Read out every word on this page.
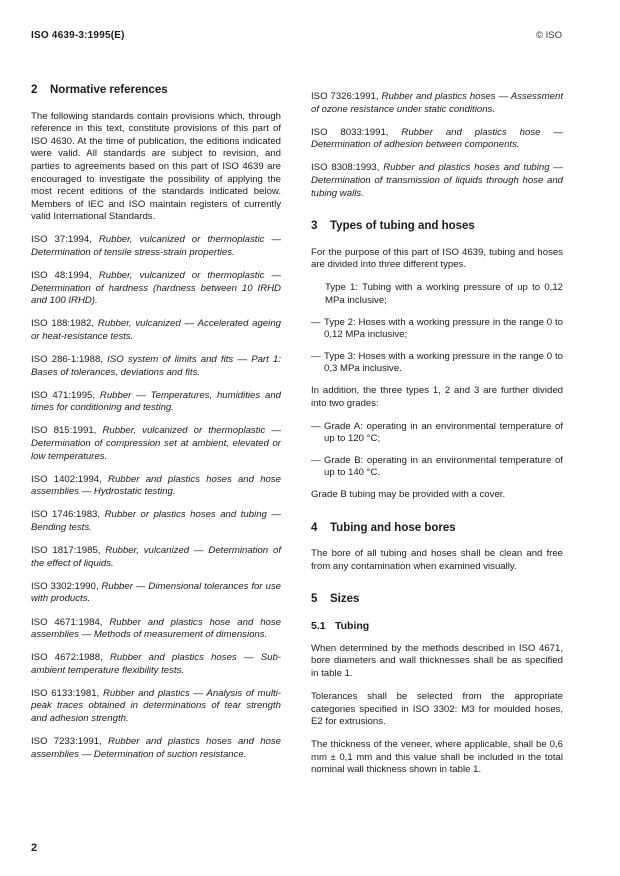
ISO 4639-3:1995(E)	© ISO
2 Normative references

The following standards contain provisions which, through reference in this text, constitute provisions of this part of ISO 4630. At the time of publication, the editions indicated were valid. All standards are subject to revision, and parties to agreements based on this part of ISO 4639 are encouraged to investigate the possibility of applying the most recent editions of the standards indicated below. Members of IEC and ISO maintain registers of currently valid International Standards.

ISO 37:1994, Rubber, vulcanized or thermoplastic — Determination of tensile stress-strain properties.

ISO 48:1994, Rubber, vulcanized or thermoplastic — Determination of hardness (hardness between 10 IRHD and 100 IRHD).

ISO 188:1982, Rubber, vulcanized — Accelerated ageing or heat-resistance tests.

ISO 286-1:1988, ISO system of limits and fits — Part 1: Bases of tolerances, deviations and fits.

ISO 471:1995, Rubber — Temperatures, humidities and times for conditioning and testing.

ISO 815:1991, Rubber, vulcanized or thermoplastic — Determination of compression set at ambient, elevated or low temperatures.

ISO 1402:1994, Rubber and plastics hoses and hose assemblies — Hydrostatic testing.

ISO 1746:1983, Rubber or plastics hoses and tubing — Bending tests.

ISO 1817:1985, Rubber, vulcanized — Determination of the effect of liquids.

ISO 3302:1990, Rubber — Dimensional tolerances for use with products.

ISO 4671:1984, Rubber and plastics hose and hose assemblies — Methods of measurement of dimensions.

ISO 4672:1988, Rubber and plastics hoses — Sub-ambient temperature flexibility tests.

ISO 6133:1981, Rubber and plastics — Analysis of multi-peak traces obtained in determinations of tear strength and adhesion strength.

ISO 7233:1991, Rubber and plastics hoses and hose assemblies — Determination of suction resistance.

ISO 7326:1991, Rubber and plastics hoses — Assessment of ozone resistance under static conditions.

ISO 8033:1991, Rubber and plastics hose — Determination of adhesion between components.

ISO 8308:1993, Rubber and plastics hoses and tubing — Determination of transmission of liquids through hose and tubing walls.

3 Types of tubing and hoses

For the purpose of this part of ISO 4639, tubing and hoses are divided into three different types.

Type 1: Tubing with a working pressure of up to 0,12 MPa inclusive;

— Type 2: Hoses with a working pressure in the range 0 to 0,12 MPa inclusive;

— Type 3: Hoses with a working pressure in the range 0 to 0,3 MPa inclusive.

In addition, the three types 1, 2 and 3 are further divided into two grades:

— Grade A: operating in an environmental temperature of up to 120 °C;

— Grade B: operating in an environmental temperature of up to 140 °C.

Grade B tubing may be provided with a cover.

4 Tubing and hose bores

The bore of all tubing and hoses shall be clean and free from any contamination when examined visually.

5 Sizes
5.1 Tubing

When determined by the methods described in ISO 4671, bore diameters and wall thicknesses shall be as specified in table 1.

Tolerances shall be selected from the appropriate categories specified in ISO 3302: M3 for moulded hoses, E2 for extrusions.

The thickness of the veneer, where applicable, shall be 0,6 mm ± 0,1 mm and this value shall be included in the total nominal wall thickness shown in table 1.

2
